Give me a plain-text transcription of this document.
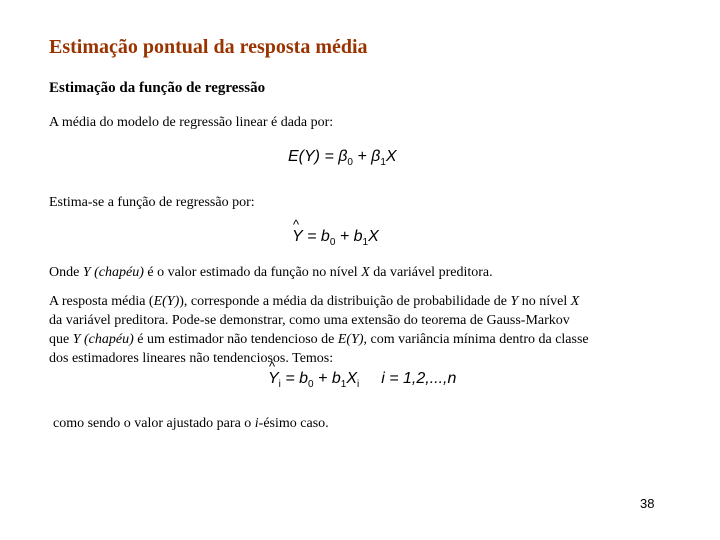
Estimação pontual da resposta média
Estimação da função de regressão
A média do modelo de regressão linear é dada por:
$E(Y) = \beta_0 + \beta_1X$
Estima-se a função de regressão por:
^ $Y = b_0 + b_1X$
Onde Y (chapéu) é o valor estimado da função no nível X da variável preditora.
A resposta média (E(Y)), corresponde a média da distribuição de probabilidade de Y no nível X
da variável preditora. Pode-se demonstrar, como uma extensão do teorema de Gauss-Markov
que Y (chapéu) é um estimador não tendencioso de E(Y), com variância mínima dentro da classe
dos estimadores lineares não tendenciosos. Temos:
^ $Y_i = b_0 + b_1X_i$ i = 1,2,...,n
como sendo o valor ajustado para o i-ésimo caso.
38
